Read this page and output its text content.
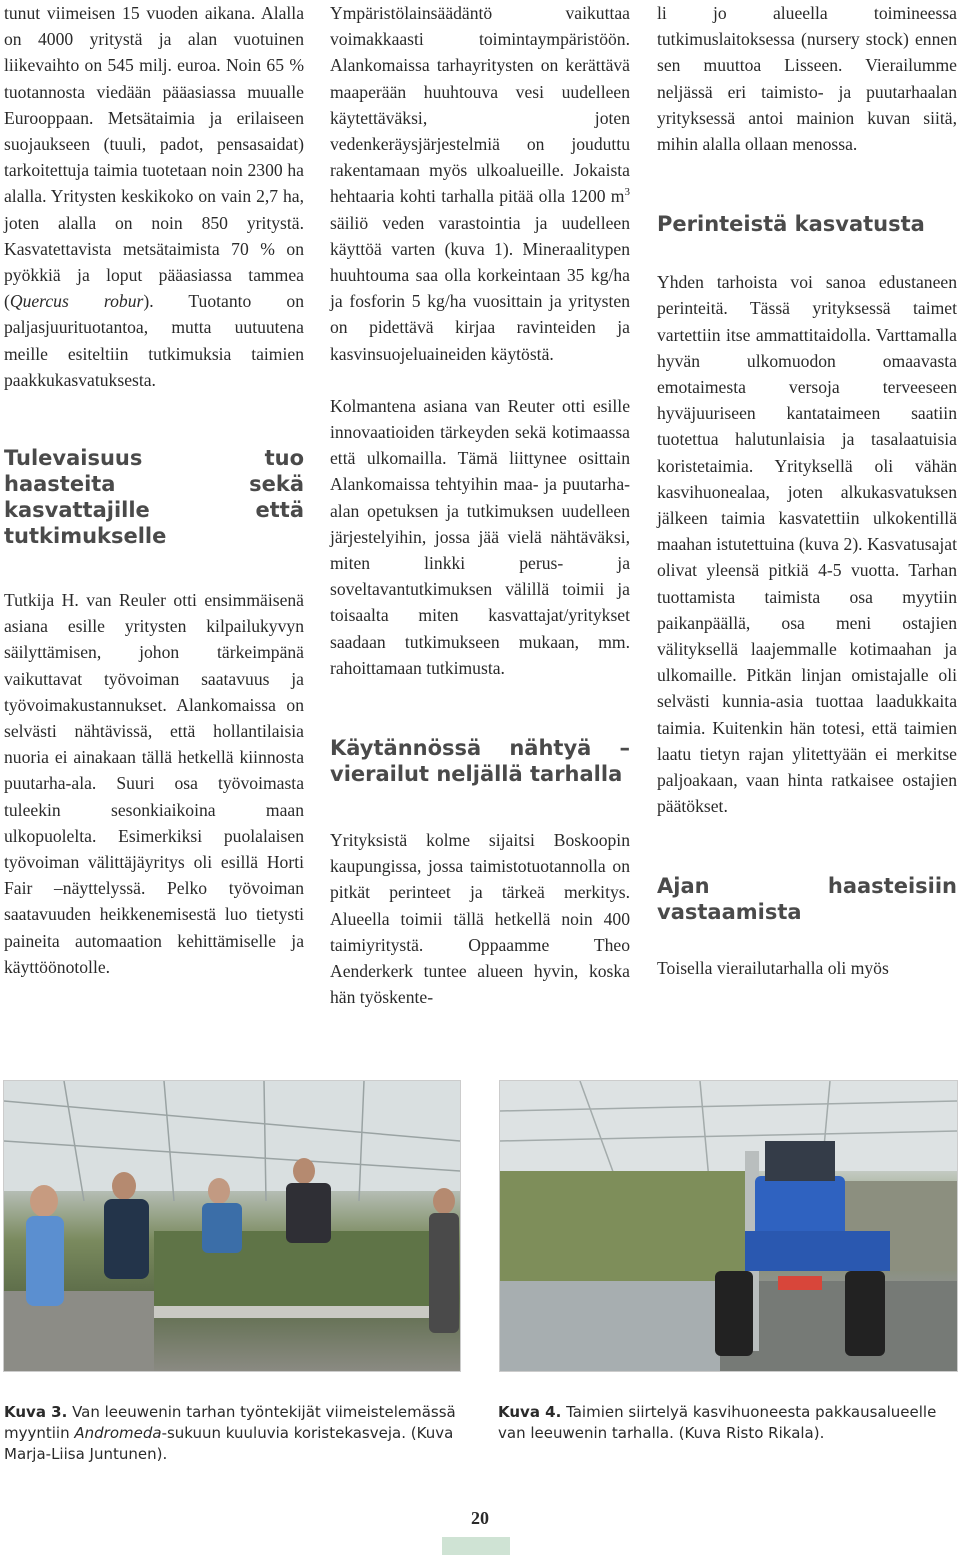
tunut viimeisen 15 vuoden aikana. Alalla on 4000 yritystä ja alan vuotuinen liikevaihto on 545 milj. euroa. Noin 65 % tuotannosta viedään pääasiassa muualle Eurooppaan. Metsätaimia ja erilaiseen suojaukseen (tuuli, padot, pensasaidat) tarkoitettuja taimia tuotetaan noin 2300 ha alalla. Yritysten keskikoko on vain 2,7 ha, joten alalla on noin 850 yritystä. Kasvatettavista metsätaimista 70 % on pyökkiä ja loput pääasiassa tammea (Quercus robur). Tuotanto on paljasjuurituotantoa, mutta uutuutena meille esiteltiin tutkimuksia taimien paakkukasvatuksesta.

Tulevaisuus tuo haasteita sekä kasvattajille että tutkimukselle

Tutkija H. van Reuler otti ensimmäisenä asiana esille yritysten kilpailukyvyn säilyttämisen, johon tärkeimpänä vaikuttavat työvoiman saatavuus ja työvoimakustannukset. Alankomaissa on selvästi nähtävissä, että hollantilaisia nuoria ei ainakaan tällä hetkellä kiinnosta puutarha-ala. Suuri osa työvoimasta tuleekin sesonkiaikoina maan ulkopuolelta. Esimerkiksi puolalaisen työvoiman välittäjäyritys oli esillä Horti Fair –näyttelyssä. Pelko työvoiman saatavuuden heikkenemisestä luo tietysti paineita automaation kehittämiselle ja käyttöönotolle.

Ympäristölainsäädäntö vaikuttaa voimakkaasti toimintaympäristöön. Alankomaissa tarhayritysten on kerättävä maaperään huuhtouva vesi uudelleen käytettäväksi, joten vedenkeräysjärjestelmiä on jouduttu rakentamaan myös ulkoalueille. Jokaista hehtaaria kohti tarhalla pitää olla 1200 $m^3$ säiliö veden varastointia ja uudelleen käyttöä varten (kuva 1). Mineraalitypen huuhtouma saa olla korkeintaan 35 kg/ha ja fosforin 5 kg/ha vuosittain ja yritysten on pidettävä kirjaa ravinteiden ja kasvinsuojeluaineiden käytöstä.

Kolmantena asiana van Reuter otti esille innovaatioiden tärkeyden sekä kotimaassa että ulkomailla. Tämä liittynee osittain Alankomaissa tehtyihin maa- ja puutarha-alan opetuksen ja tutkimuksen uudelleen järjestelyihin, jossa jää vielä nähtäväksi, miten linkki perus- ja soveltavantutkimuksen välillä toimii ja toisaalta miten kasvattajat/yritykset saadaan tutkimukseen mukaan, mm. rahoittamaan tutkimusta.

Käytännössä nähtyä – vierailut neljällä tarhalla

Yrityksistä kolme sijaitsi Boskoopin kaupungissa, jossa taimistotuotannolla on pitkät perinteet ja tärkeä merkitys. Alueella toimii tällä hetkellä noin 400 taimiyritystä. Oppaamme Theo Aenderkerk tuntee alueen hyvin, koska hän työskente-

li jo alueella toimineessa tutkimuslaitoksessa (nursery stock) ennen sen muuttoa Lisseen. Vierailumme neljässä eri taimisto- ja puutarhaalan yrityksessä antoi mainion kuvan siitä, mihin alalla ollaan menossa.

Perinteistä kasvatusta

Yhden tarhoista voi sanoa edustaneen perinteitä. Tässä yrityksessä taimet vartettiin itse ammattitaidolla. Varttamalla hyvän ulkomuodon omaavasta emotaimesta versoja terveeseen hyväjuuriseen kantataimeen saatiin tuotettua halutunlaisia ja tasalaatuisia koristetaimia. Yrityksellä oli vähän kasvihuonealaa, joten alkukasvatuksen jälkeen taimia kasvatettiin ulkokentillä maahan istutettuina (kuva 2). Kasvatusajat olivat yleensä pitkiä 4-5 vuotta. Tarhan tuottamista taimista osa myytiin paikanpäällä, osa meni ostajien välityksellä laajemmalle kotimaahan ja ulkomaille. Pitkän linjan omistajalle oli selvästi kunnia-asia tuottaa laadukkaita taimia. Kuitenkin hän totesi, että taimien laatu tietyn rajan ylitettyään ei merkitse paljoakaan, vaan hinta ratkaisee ostajien päätökset.

Ajan haasteisiin vastaamista

Toisella vierailutarhalla oli myös

Kuva 3. Van leeuwenin tarhan työntekijät viimeistelemässä myyntiin Andromeda-sukuun kuuluvia koristekasveja. (Kuva Marja-Liisa Juntunen).
Kuva 4. Taimien siirtelyä kasvihuoneesta pakkausalueelle van leeuwenin tarhalla. (Kuva Risto Rikala).
20
